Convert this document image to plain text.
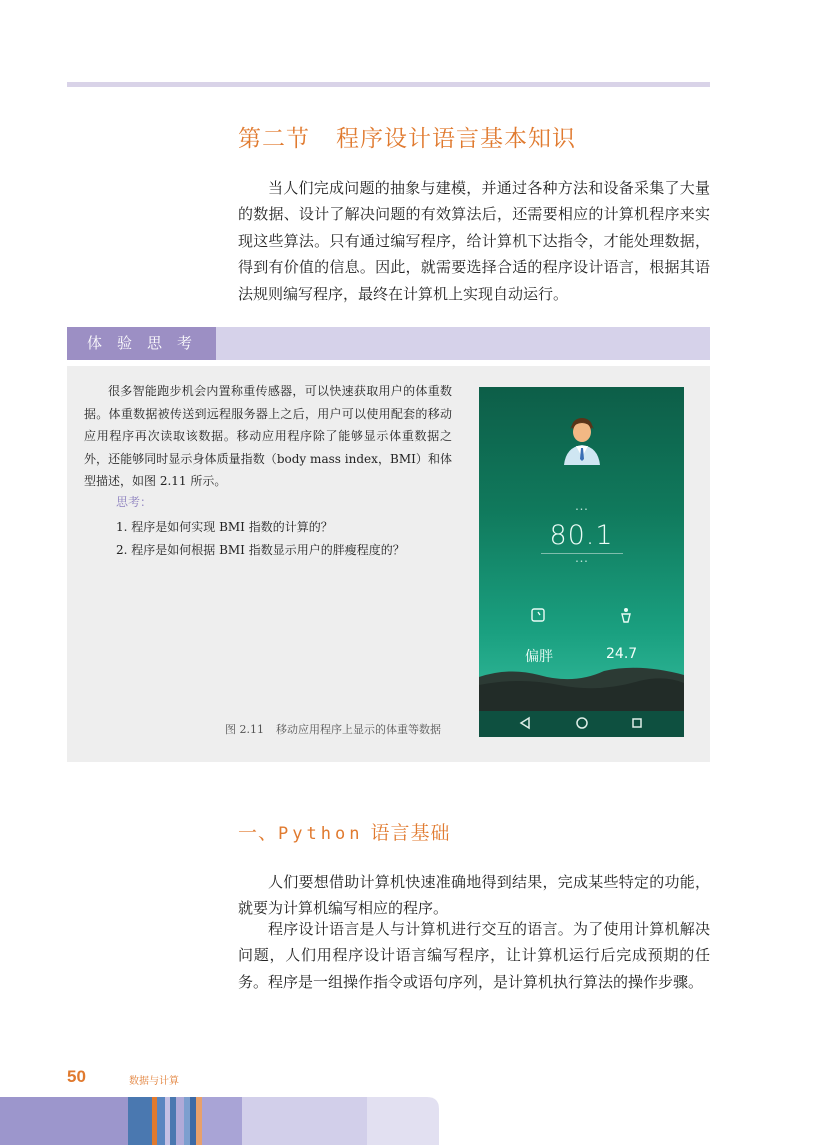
第二节 程序设计语言基本知识

当人们完成问题的抽象与建模，并通过各种方法和设备采集了大量的数据、设计了解决问题的有效算法后，还需要相应的计算机程序来实现这些算法。只有通过编写程序，给计算机下达指令，才能处理数据，得到有价值的信息。因此，就需要选择合适的程序设计语言，根据其语法规则编写程序，最终在计算机上实现自动运行。

体验思考

很多智能跑步机会内置称重传感器，可以快速获取用户的体重数据。体重数据被传送到远程服务器上之后，用户可以使用配套的移动应用程序再次读取该数据。移动应用程序除了能够显示体重数据之外，还能够同时显示身体质量指数（body mass index，BMI）和体型描述，如图 2.11 所示。

思考：
1. 程序是如何实现 BMI 指数的计算的？
2. 程序是如何根据 BMI 指数显示用户的胖瘦程度的？
图 2.11 移动应用程序上显示的体重等数据
• • •
80.1
• • •
偏胖	24.7
一、Python 语言基础

人们要想借助计算机快速准确地得到结果，完成某些特定的功能，就要为计算机编写相应的程序。

程序设计语言是人与计算机进行交互的语言。为了使用计算机解决问题，人们用程序设计语言编写程序，让计算机运行后完成预期的任务。程序是一组操作指令或语句序列，是计算机执行算法的操作步骤。

50	数据与计算
